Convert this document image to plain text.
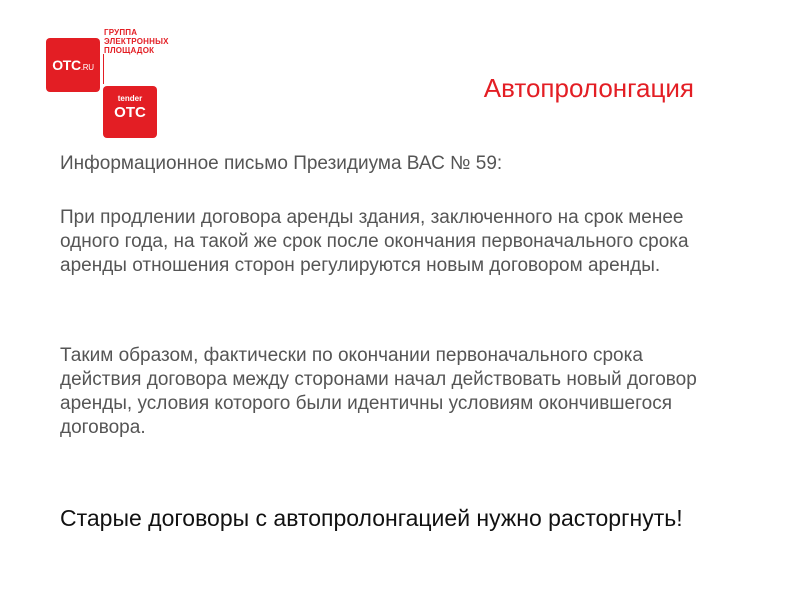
ГРУППА
ЭЛЕКТРОННЫХ
ПЛОЩАДОК
OTC.RU
tender
OTC
Автопролонгация

Информационное письмо Президиума ВАС № 59:

При продлении договора аренды здания, заключенного на срок менее одного года, на такой же срок после окончания первоначального срока аренды отношения сторон регулируются новым договором аренды.

Таким образом, фактически по окончании первоначального срока действия договора между сторонами начал действовать новый договор аренды, условия которого были идентичны условиям окончившегося договора.

Старые договоры с автопролонгацией нужно расторгнуть!
